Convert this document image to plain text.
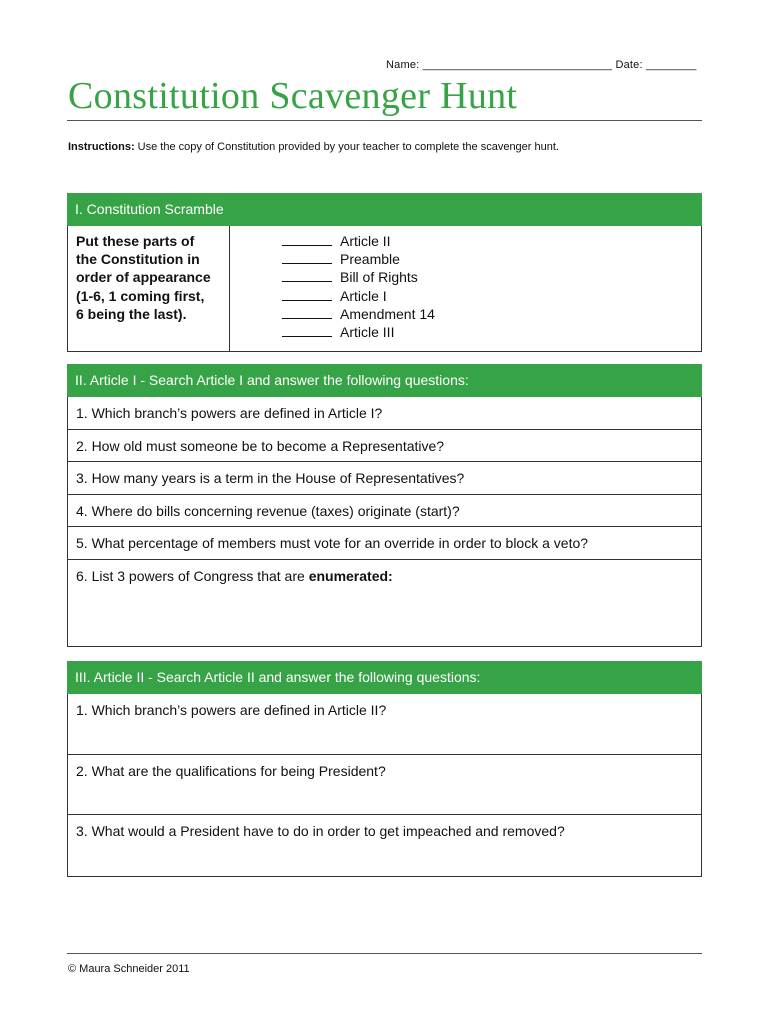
Name: ______________________________ Date: ________
Constitution Scavenger Hunt
Instructions: Use the copy of Constitution provided by your teacher to complete the scavenger hunt.
I. Constitution Scramble
Put these parts of
the Constitution in
order of appearance
(1-6, 1 coming first,
6 being the last).
Article II
Preamble
Bill of Rights
Article I
Amendment 14
Article III
II. Article I - Search Article I and answer the following questions:
1. Which branch’s powers are defined in Article I?
2. How old must someone be to become a Representative?
3. How many years is a term in the House of Representatives?
4. Where do bills concerning revenue (taxes) originate (start)?
5. What percentage of members must vote for an override in order to block a veto?
6. List 3 powers of Congress that are enumerated:
III. Article II - Search Article II and answer the following questions:
1. Which branch’s powers are defined in Article II?
2. What are the qualifications for being President?
3. What would a President have to do in order to get impeached and removed?
© Maura Schneider 2011
